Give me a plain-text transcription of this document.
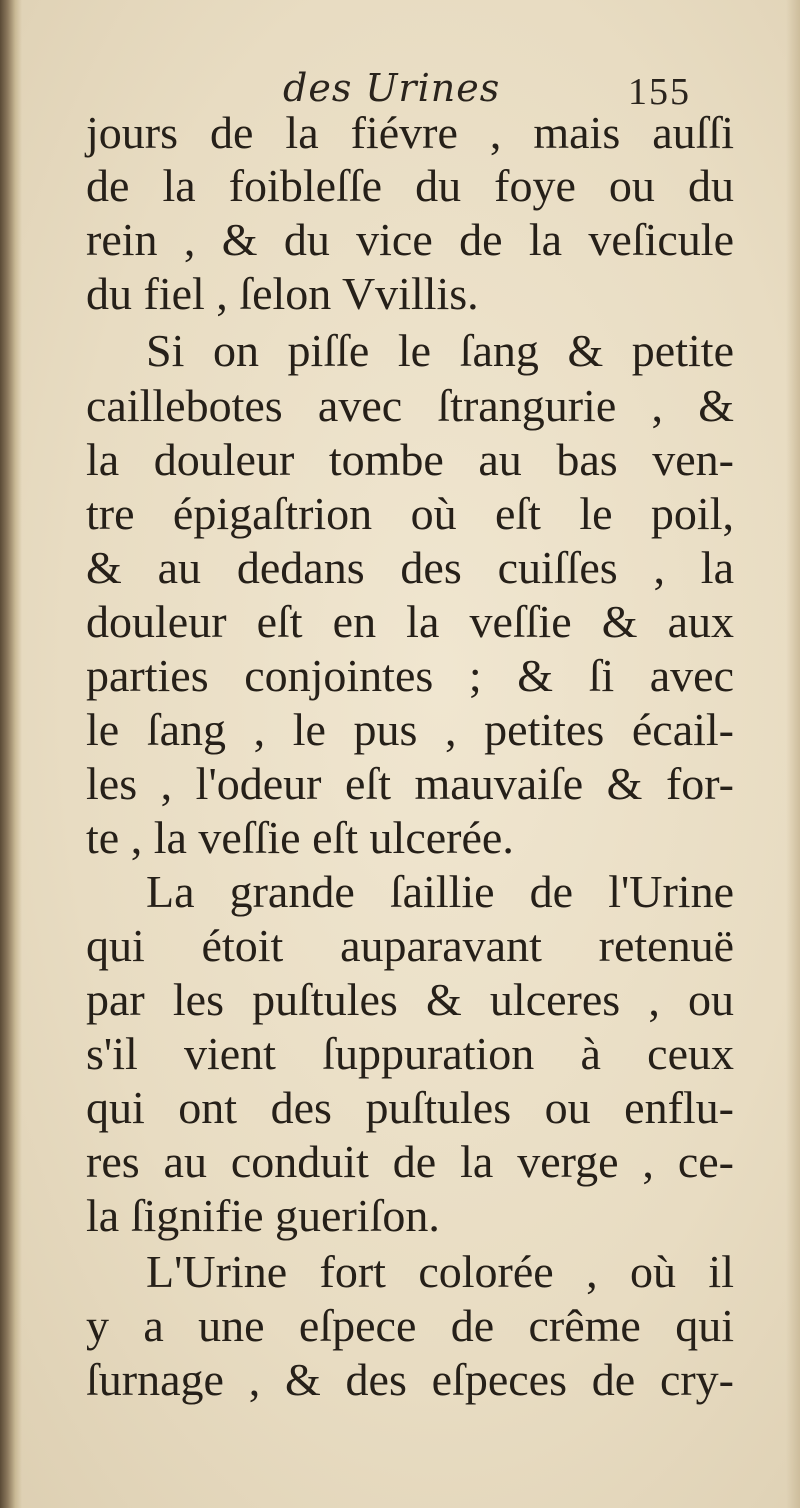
des Urines	155
jours de la fiévre , mais auſſi
de la foibleſſe du foye ou du
rein , & du vice de la veſicule
du fiel , ſelon Vvillis.
Si on piſſe le ſang & petite
caillebotes avec ſtrangurie , &
la douleur tombe au bas ven-
tre épigaſtrion où eſt le poil,
& au dedans des cuiſſes , la
douleur eſt en la veſſie & aux
parties conjointes ; & ſi avec
le ſang , le pus , petites écail-
les , l'odeur eſt mauvaiſe & for-
te , la veſſie eſt ulcerée.
La grande ſaillie de l'Urine
qui étoit auparavant retenuë
par les puſtules & ulceres , ou
s'il vient ſuppuration à ceux
qui ont des puſtules ou enflu-
res au conduit de la verge , ce-
la ſignifie gueriſon.
L'Urine fort colorée , où il
y a une eſpece de crême qui
ſurnage , & des eſpeces de cry-
